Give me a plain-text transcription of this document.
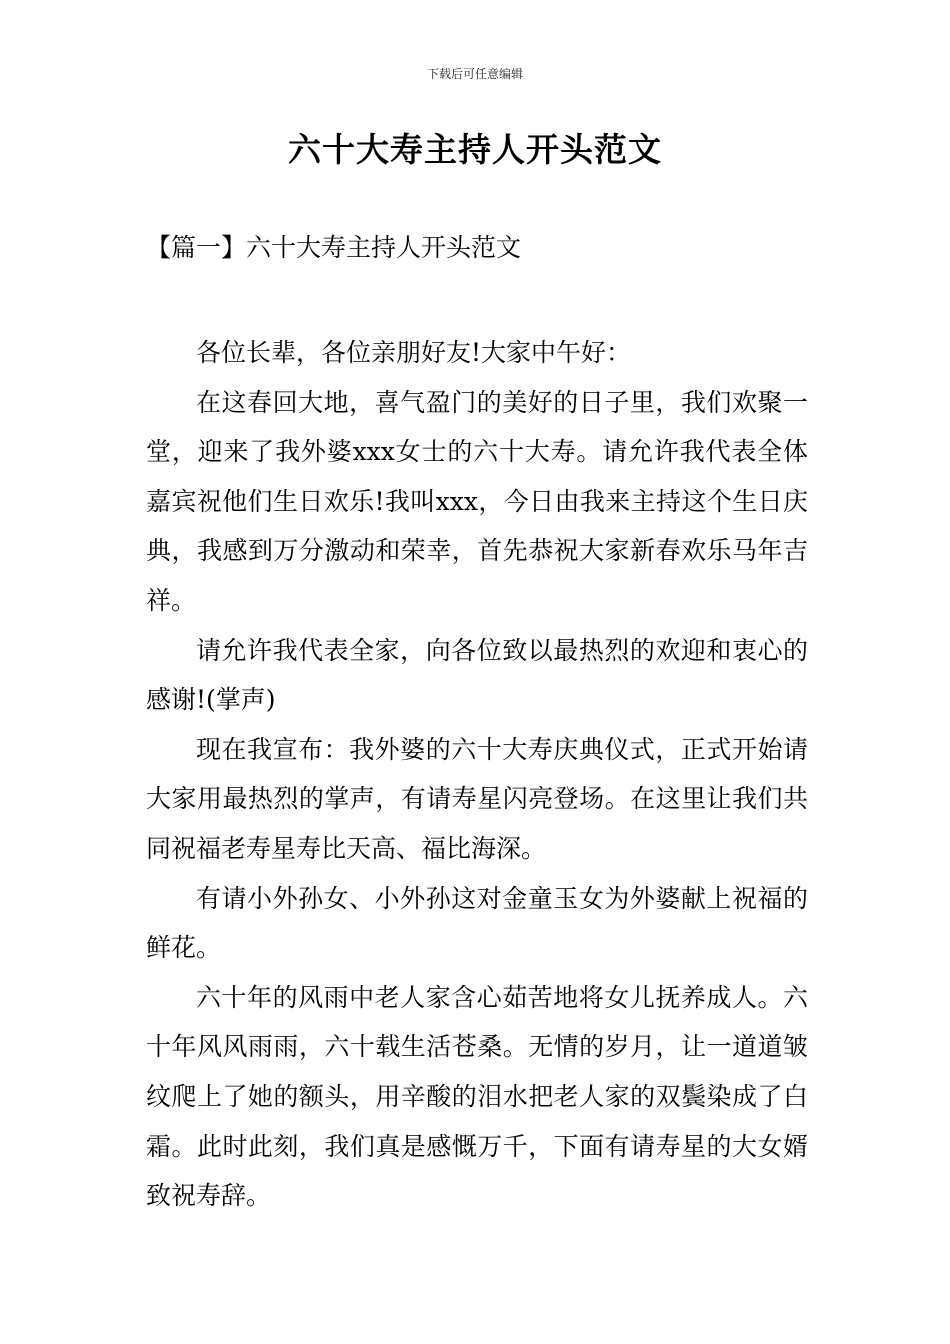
下载后可任意编辑
六十大寿主持人开头范文
【篇一】六十大寿主持人开头范文

各位长辈，各位亲朋好友!大家中午好：

在这春回大地，喜气盈门的美好的日子里，我们欢聚一堂，迎来了我外婆xxx女士的六十大寿。请允许我代表全体嘉宾祝他们生日欢乐!我叫xxx，今日由我来主持这个生日庆典，我感到万分激动和荣幸，首先恭祝大家新春欢乐马年吉祥。

请允许我代表全家，向各位致以最热烈的欢迎和衷心的感谢!(掌声)

现在我宣布：我外婆的六十大寿庆典仪式，正式开始请大家用最热烈的掌声，有请寿星闪亮登场。在这里让我们共同祝福老寿星寿比天高、福比海深。

有请小外孙女、小外孙这对金童玉女为外婆献上祝福的鲜花。

六十年的风雨中老人家含心茹苦地将女儿抚养成人。六十年风风雨雨，六十载生活苍桑。无情的岁月，让一道道皱纹爬上了她的额头，用辛酸的泪水把老人家的双鬓染成了白霜。此时此刻，我们真是感慨万千，下面有请寿星的大女婿致祝寿辞。
